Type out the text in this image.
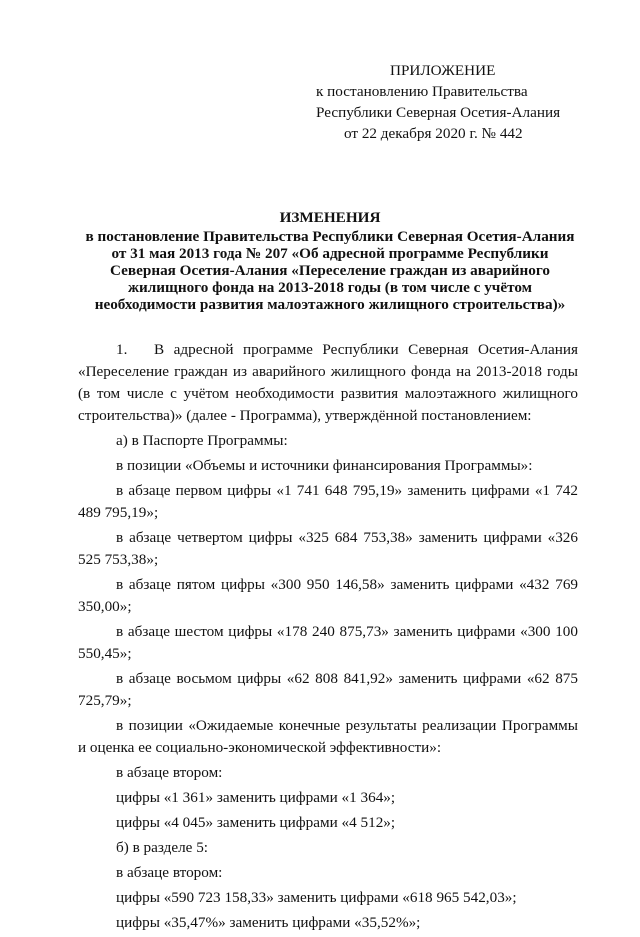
ПРИЛОЖЕНИЕ
к постановлению Правительства
Республики Северная Осетия-Алания
от 22 декабря 2020 г. № 442
ИЗМЕНЕНИЯ
в постановление Правительства Республики Северная Осетия-Алания
от 31 мая 2013 года № 207 «Об адресной программе Республики
Северная Осетия-Алания «Переселение граждан из аварийного
жилищного фонда на 2013-2018 годы (в том числе с учётом
необходимости развития малоэтажного жилищного строительства)»

1. В адресной программе Республики Северная Осетия-Алания «Переселение граждан из аварийного жилищного фонда на 2013-2018 годы (в том числе с учётом необходимости развития малоэтажного жилищного строительства)» (далее - Программа), утверждённой постановлением:

а) в Паспорте Программы:

в позиции «Объемы и источники финансирования Программы»:

в абзаце первом цифры «1 741 648 795,19» заменить цифрами «1 742 489 795,19»;

в абзаце четвертом цифры «325 684 753,38» заменить цифрами «326 525 753,38»;

в абзаце пятом цифры «300 950 146,58» заменить цифрами «432 769 350,00»;

в абзаце шестом цифры «178 240 875,73» заменить цифрами «300 100 550,45»;

в абзаце восьмом цифры «62 808 841,92» заменить цифрами «62 875 725,79»;

в позиции «Ожидаемые конечные результаты реализации Программы и оценка ее социально-экономической эффективности»:

в абзаце втором:

цифры «1 361» заменить цифрами «1 364»;

цифры «4 045» заменить цифрами «4 512»;

б) в разделе 5:

в абзаце втором:

цифры «590 723 158,33» заменить цифрами «618 965 542,03»;

цифры «35,47%» заменить цифрами «35,52%»;
